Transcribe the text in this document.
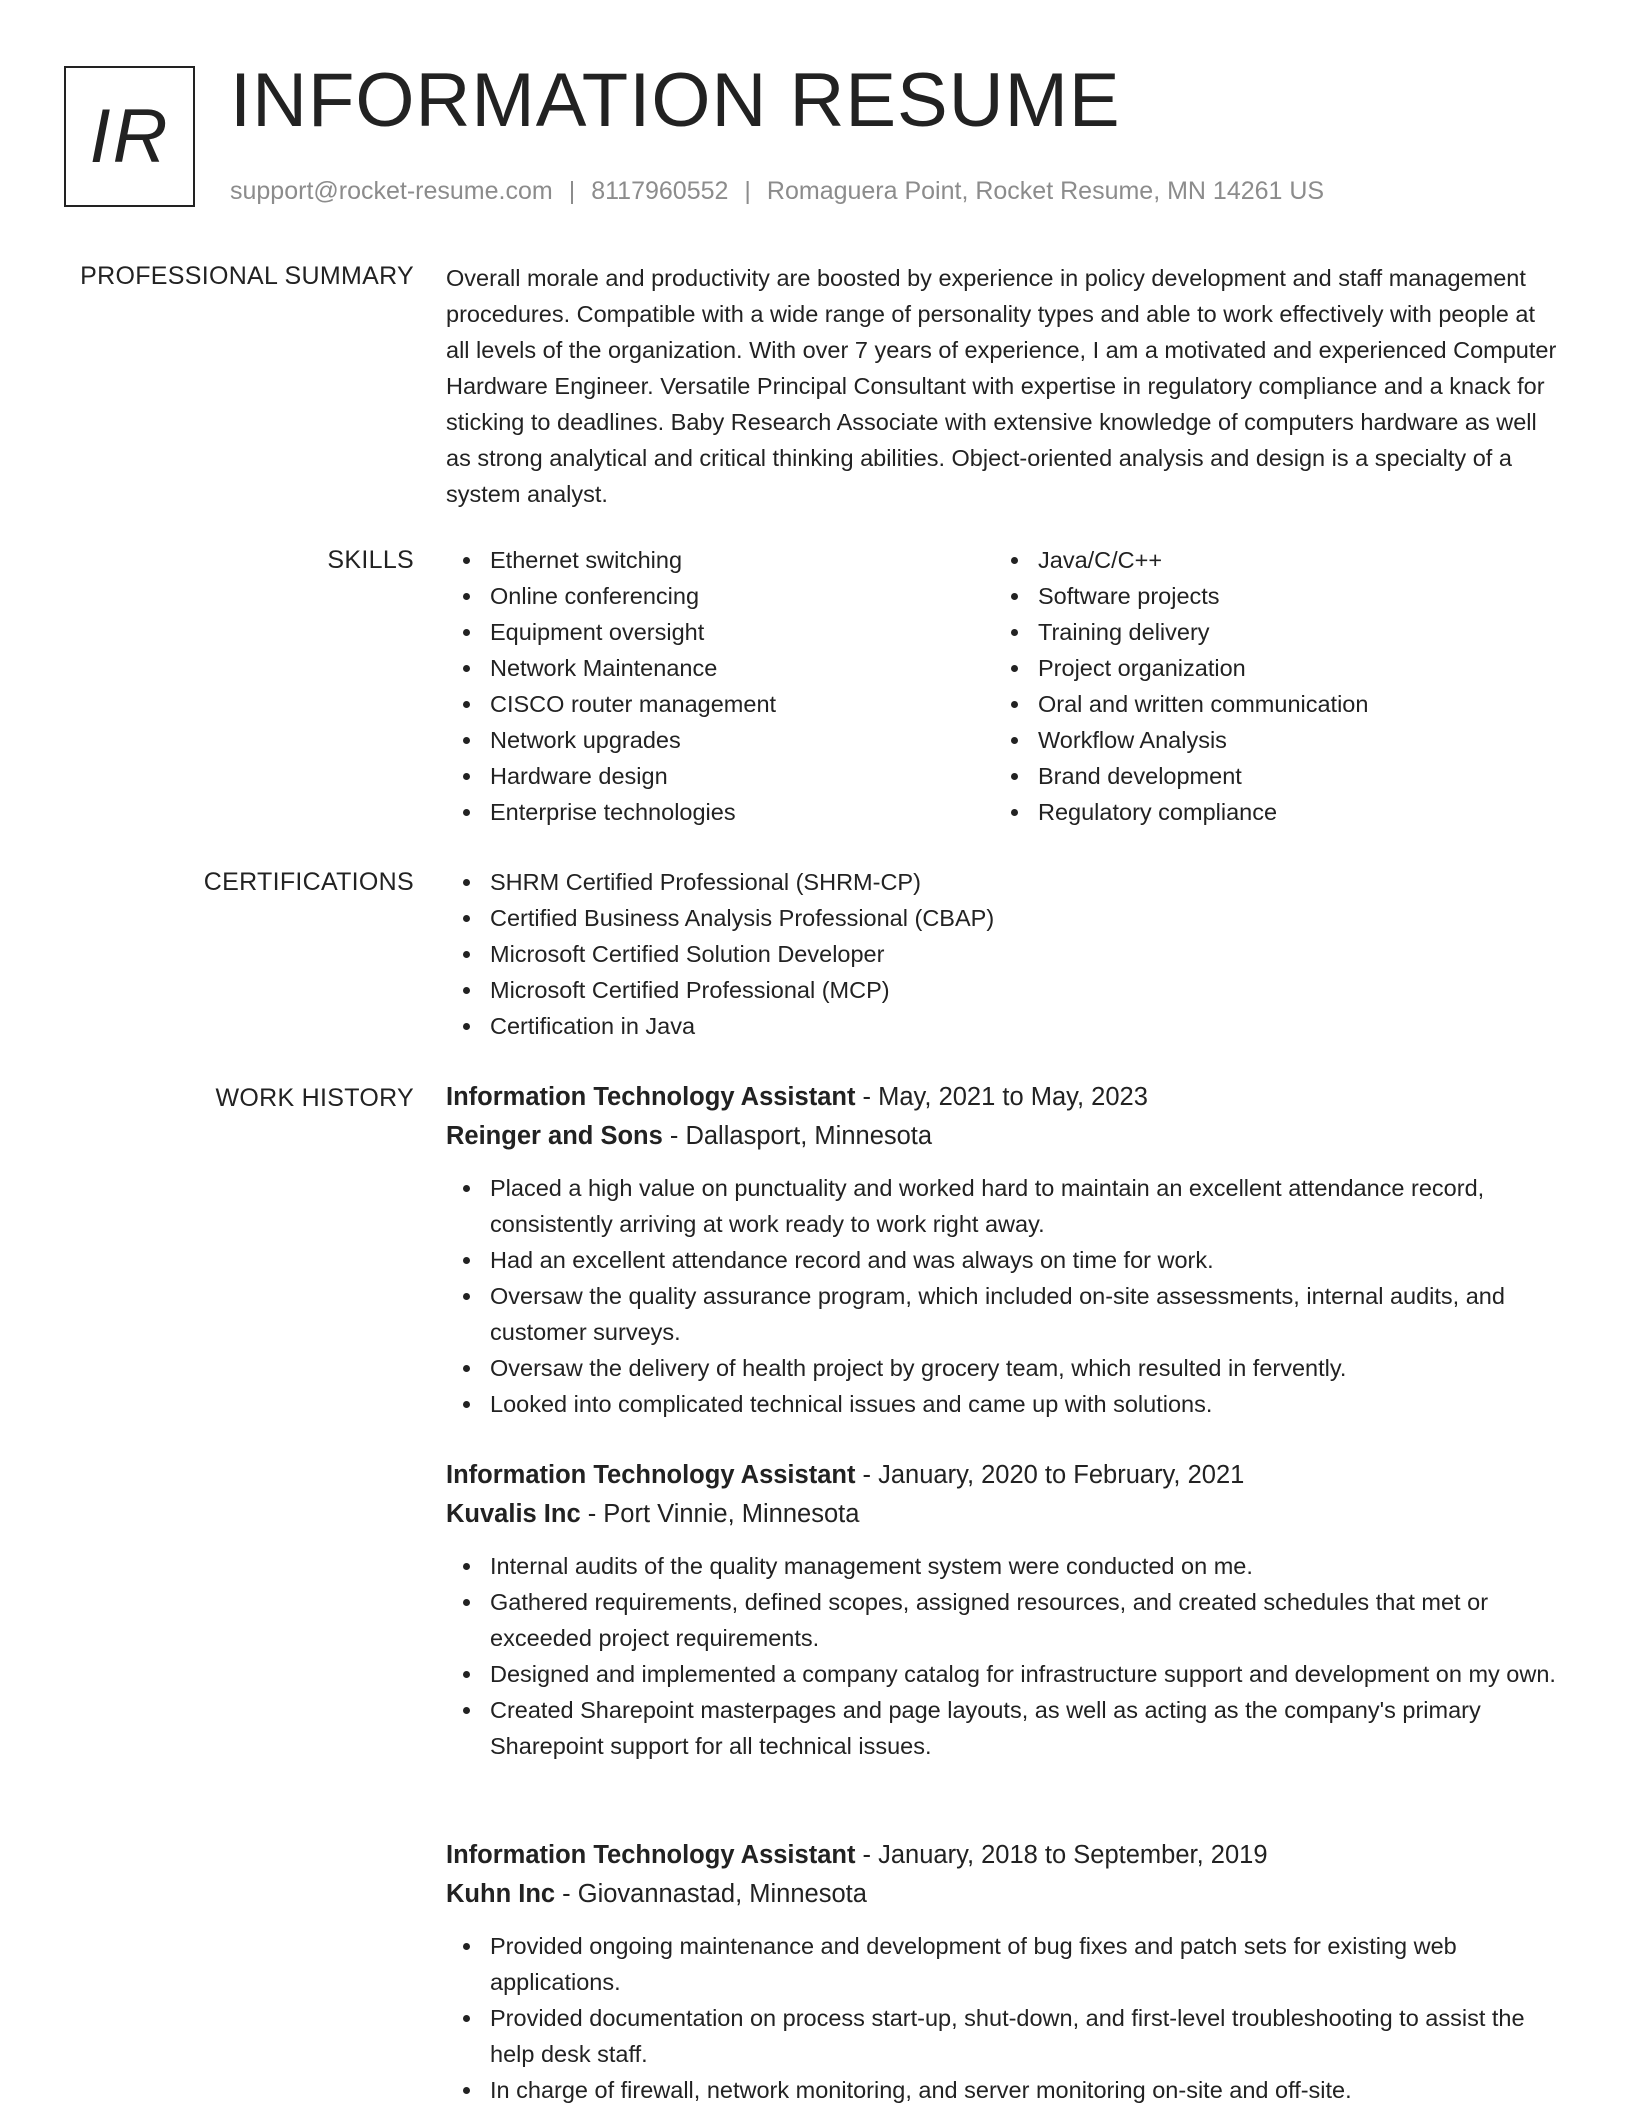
IR INFORMATION RESUME
support@rocket-resume.com | 8117960552 | Romaguera Point, Rocket Resume, MN 14261 US
PROFESSIONAL SUMMARY Overall morale and productivity are boosted by experience in policy development and staff management procedures. Compatible with a wide range of personality types and able to work effectively with people at all levels of the organization. With over 7 years of experience, I am a motivated and experienced Computer Hardware Engineer. Versatile Principal Consultant with expertise in regulatory compliance and a knack for sticking to deadlines. Baby Research Associate with extensive knowledge of computers hardware as well as strong analytical and critical thinking abilities. Object-oriented analysis and design is a specialty of a system analyst.

SKILLS	Ethernet switching
Online conferencing
Equipment oversight
Network Maintenance
CISCO router management
Network upgrades
Hardware design
Enterprise technologies
Java/C/C++
Software projects
Training delivery
Project organization
Oral and written communication
Workflow Analysis
Brand development
Regulatory compliance
CERTIFICATIONS	SHRM Certified Professional (SHRM-CP)
Certified Business Analysis Professional (CBAP)
Microsoft Certified Solution Developer
Microsoft Certified Professional (MCP)
Certification in Java
WORK HISTORY Information Technology Assistant - May, 2021 to May, 2023
Reinger and Sons - Dallasport, Minnesota
Placed a high value on punctuality and worked hard to maintain an excellent attendance record, consistently arriving at work ready to work right away.
Had an excellent attendance record and was always on time for work.
Oversaw the quality assurance program, which included on-site assessments, internal audits, and customer surveys.
Oversaw the delivery of health project by grocery team, which resulted in fervently.
Looked into complicated technical issues and came up with solutions.
Information Technology Assistant - January, 2020 to February, 2021
Kuvalis Inc - Port Vinnie, Minnesota
Internal audits of the quality management system were conducted on me.
Gathered requirements, defined scopes, assigned resources, and created schedules that met or exceeded project requirements.
Designed and implemented a company catalog for infrastructure support and development on my own.
Created Sharepoint masterpages and page layouts, as well as acting as the company's primary Sharepoint support for all technical issues.
Information Technology Assistant - January, 2018 to September, 2019
Kuhn Inc - Giovannastad, Minnesota
Provided ongoing maintenance and development of bug fixes and patch sets for existing web applications.
Provided documentation on process start-up, shut-down, and first-level troubleshooting to assist the help desk staff.
In charge of firewall, network monitoring, and server monitoring on-site and off-site.
